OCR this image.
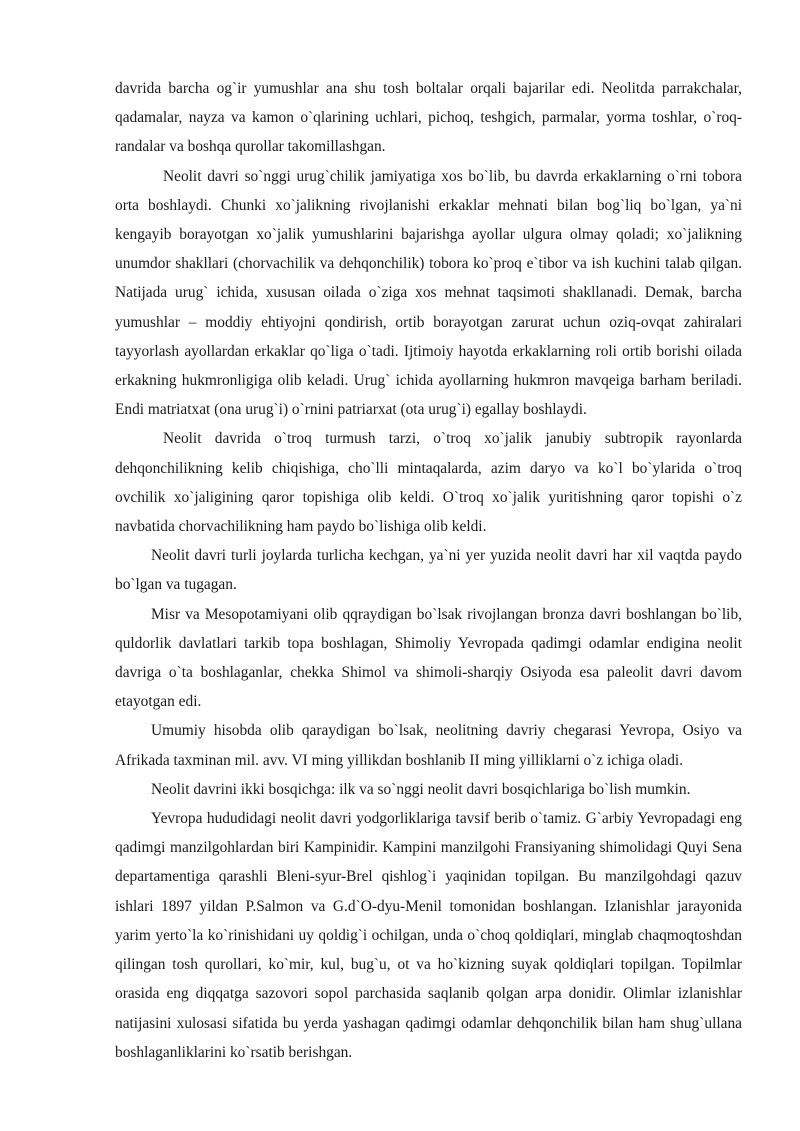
davrida barcha og`ir yumushlar ana shu tosh boltalar orqali bajarilar edi. Neolitda parrakchalar, qadamalar, nayza va kamon o`qlarining uchlari, pichoq, teshgich, parmalar, yorma toshlar, o`roq-randalar va boshqa qurollar takomillashgan.

Neolit davri so`nggi urug`chilik jamiyatiga xos bo`lib, bu davrda erkaklarning o`rni tobora orta boshlaydi. Chunki xo`jalikning rivojlanishi erkaklar mehnati bilan bog`liq bo`lgan, ya`ni kengayib borayotgan xo`jalik yumushlarini bajarishga ayollar ulgura olmay qoladi; xo`jalikning unumdor shakllari (chorvachilik va dehqonchilik) tobora ko`proq e`tibor va ish kuchini talab qilgan. Natijada urug` ichida, xususan oilada o`ziga xos mehnat taqsimoti shakllanadi. Demak, barcha yumushlar – moddiy ehtiyojni qondirish, ortib borayotgan zarurat uchun oziq-ovqat zahiralari tayyorlash ayollardan erkaklar qo`liga o`tadi. Ijtimoiy hayotda erkaklarning roli ortib borishi oilada erkakning hukmronligiga olib keladi. Urug` ichida ayollarning hukmron mavqeiga barham beriladi. Endi matriatxat (ona urug`i) o`rnini patriarxat (ota urug`i) egallay boshlaydi.

Neolit davrida o`troq turmush tarzi, o`troq xo`jalik janubiy subtropik rayonlarda dehqonchilikning kelib chiqishiga, cho`lli mintaqalarda, azim daryo va ko`l bo`ylarida o`troq ovchilik xo`jaligining qaror topishiga olib keldi. O`troq xo`jalik yuritishning qaror topishi o`z navbatida chorvachilikning ham paydo bo`lishiga olib keldi.

Neolit davri turli joylarda turlicha kechgan, ya`ni yer yuzida neolit davri har xil vaqtda paydo bo`lgan va tugagan.

Misr va Mesopotamiyani olib qqraydigan bo`lsak rivojlangan bronza davri boshlangan bo`lib, quldorlik davlatlari tarkib topa boshlagan, Shimoliy Yevropada qadimgi odamlar endigina neolit davriga o`ta boshlaganlar, chekka Shimol va shimoli-sharqiy Osiyoda esa paleolit davri davom etayotgan edi.

Umumiy hisobda olib qaraydigan bo`lsak, neolitning davriy chegarasi Yevropa, Osiyo va Afrikada taxminan mil. avv. VI ming yillikdan boshlanib II ming yilliklarni o`z ichiga oladi.

Neolit davrini ikki bosqichga: ilk va so`nggi neolit davri bosqichlariga bo`lish mumkin.

Yevropa hududidagi neolit davri yodgorliklariga tavsif berib o`tamiz. G`arbiy Yevropadagi eng qadimgi manzilgohlardan biri Kampinidir. Kampini manzilgohi Fransiyaning shimolidagi Quyi Sena departamentiga qarashli Bleni-syur-Brel qishlog`i yaqinidan topilgan. Bu manzilgohdagi qazuv ishlari 1897 yildan P.Salmon va G.d`O-dyu-Menil tomonidan boshlangan. Izlanishlar jarayonida yarim yerto`la ko`rinishidani uy qoldig`i ochilgan, unda o`choq qoldiqlari, minglab chaqmoqtoshdan qilingan tosh qurollari, ko`mir, kul, bug`u, ot va ho`kizning suyak qoldiqlari topilgan. Topilmlar orasida eng diqqatga sazovori sopol parchasida saqlanib qolgan arpa donidir. Olimlar izlanishlar natijasini xulosasi sifatida bu yerda yashagan qadimgi odamlar dehqonchilik bilan ham shug`ullana boshlaganliklarini ko`rsatib berishgan.
